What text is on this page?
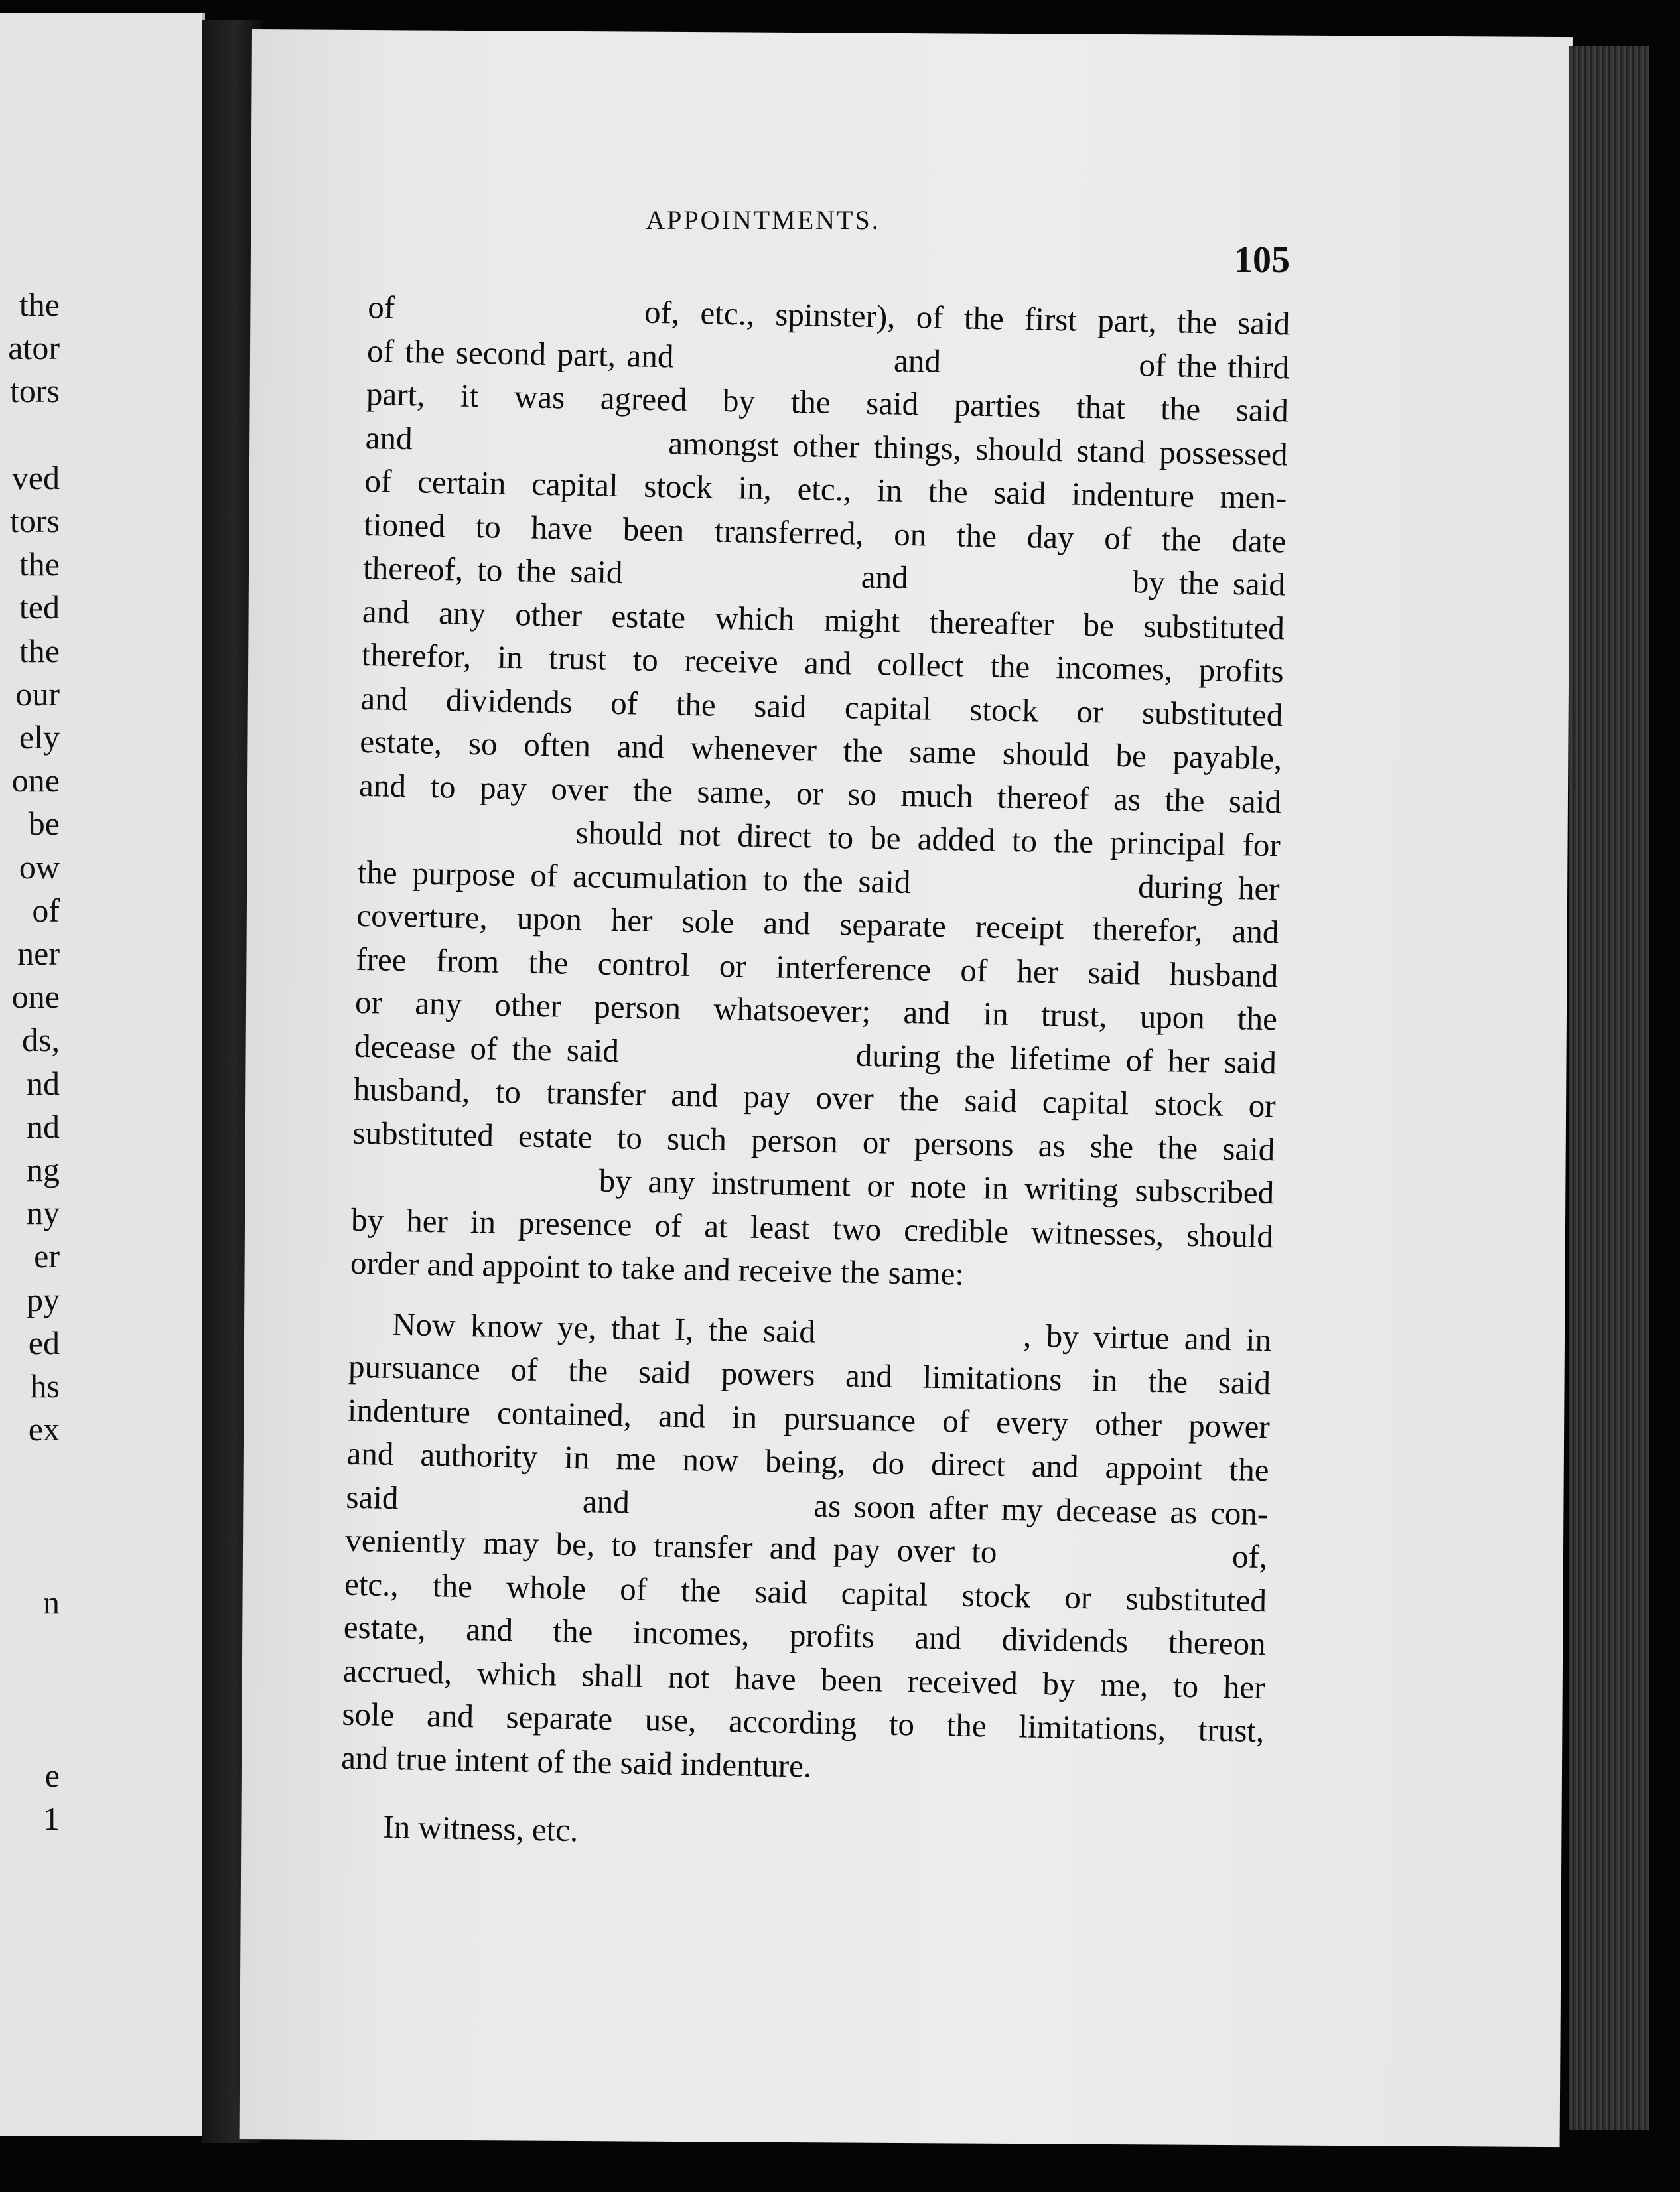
the
ator
tors
ved
tors
the
ted
the
our
ely
one
be
ow
of
ner
one
ds,
nd
nd
ng
ny
er
py
ed
hs
ex
n
e
1
APPOINTMENTS.
105
of            of, etc., spinster), of the first part, the said
of the second part, and                    and                  of the third
part, it was agreed by the said parties that the said
and                  amongst other things, should stand possessed
of certain capital stock in, etc., in the said indenture men-
tioned to have been transferred, on the day of the date
thereof, to the said                 and                by the said
and any other estate which might thereafter be substituted
therefor, in trust to receive and collect the incomes, profits
and dividends of the said capital stock or substituted
estate, so often and whenever the same should be payable,
and to pay over the same, or so much thereof as the said
should not direct to be added to the principal for
the purpose of accumulation to the said               during her
coverture, upon her sole and separate receipt therefor, and
free from the control or interference of her said husband
or any other person whatsoever; and in trust, upon the
decease of the said                during the lifetime of her said
husband, to transfer and pay over the said capital stock or
substituted estate to such person or persons as she the said
by any instrument or note in writing subscribed
by her in presence of at least two credible witnesses, should
order and appoint to take and receive the same:
Now know ye, that I, the said              , by virtue and in
pursuance of the said powers and limitations in the said
indenture contained, and in pursuance of every other power
and authority in me now being, do direct and appoint the
said              and              as soon after my decease as con-
veniently may be, to transfer and pay over to              of,
etc., the whole of the said capital stock or substituted
estate, and the incomes, profits and dividends thereon
accrued, which shall not have been received by me, to her
sole and separate use, according to the limitations, trust,
and true intent of the said indenture.
In witness, etc.
